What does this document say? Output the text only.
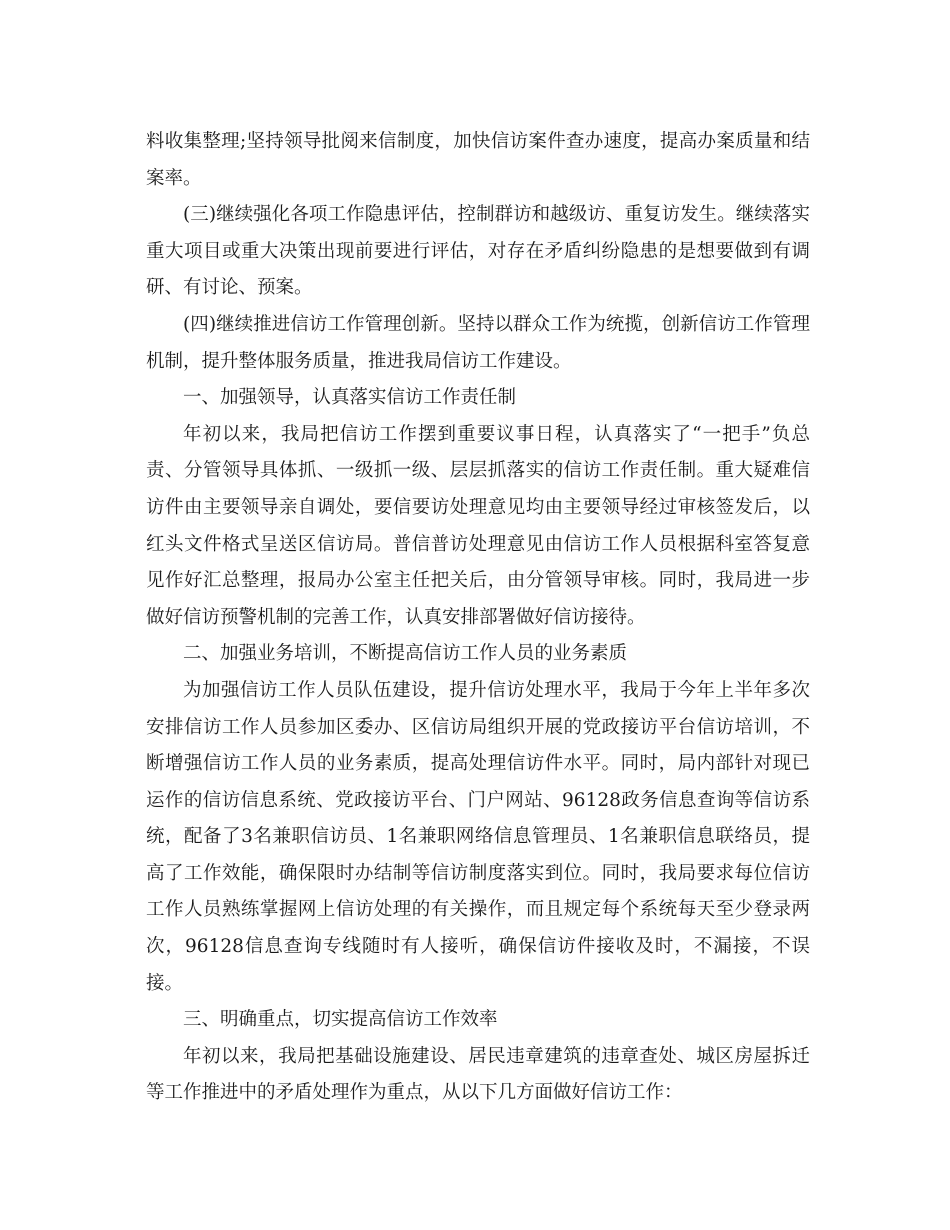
料收集整理;坚持领导批阅来信制度，加快信访案件查办速度，提高办案质量和结案率。

(三)继续强化各项工作隐患评估，控制群访和越级访、重复访发生。继续落实重大项目或重大决策出现前要进行评估，对存在矛盾纠纷隐患的是想要做到有调研、有讨论、预案。

(四)继续推进信访工作管理创新。坚持以群众工作为统揽，创新信访工作管理机制，提升整体服务质量，推进我局信访工作建设。

一、加强领导，认真落实信访工作责任制

年初以来，我局把信访工作摆到重要议事日程，认真落实了“一把手”负总责、分管领导具体抓、一级抓一级、层层抓落实的信访工作责任制。重大疑难信访件由主要领导亲自调处，要信要访处理意见均由主要领导经过审核签发后，以红头文件格式呈送区信访局。普信普访处理意见由信访工作人员根据科室答复意见作好汇总整理，报局办公室主任把关后，由分管领导审核。同时，我局进一步做好信访预警机制的完善工作，认真安排部署做好信访接待。

二、加强业务培训，不断提高信访工作人员的业务素质

为加强信访工作人员队伍建设，提升信访处理水平，我局于今年上半年多次安排信访工作人员参加区委办、区信访局组织开展的党政接访平台信访培训，不断增强信访工作人员的业务素质，提高处理信访件水平。同时，局内部针对现已运作的信访信息系统、党政接访平台、门户网站、96128政务信息查询等信访系统，配备了3名兼职信访员、1名兼职网络信息管理员、1名兼职信息联络员，提高了工作效能，确保限时办结制等信访制度落实到位。同时，我局要求每位信访工作人员熟练掌握网上信访处理的有关操作，而且规定每个系统每天至少登录两次，96128信息查询专线随时有人接听，确保信访件接收及时，不漏接，不误接。

三、明确重点，切实提高信访工作效率

年初以来，我局把基础设施建设、居民违章建筑的违章查处、城区房屋拆迁等工作推进中的矛盾处理作为重点，从以下几方面做好信访工作：
